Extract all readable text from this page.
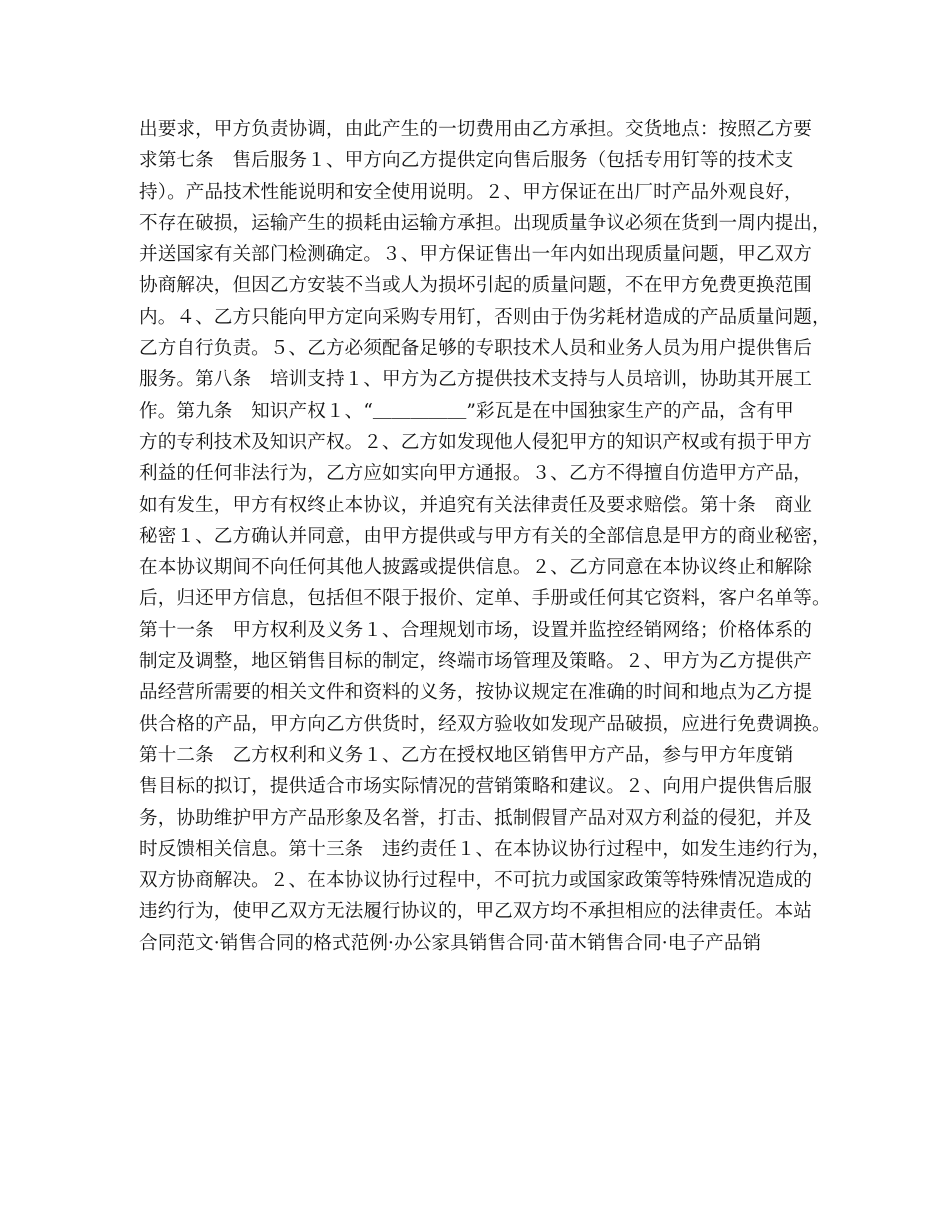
出要求，甲方负责协调，由此产生的一切费用由乙方承担。交货地点：按照乙方要
求第七条　售后服务１、甲方向乙方提供定向售后服务（包括专用钉等的技术支
持）。产品技术性能说明和安全使用说明。２、甲方保证在出厂时产品外观良好，
不存在破损，运输产生的损耗由运输方承担。出现质量争议必须在货到一周内提出，
并送国家有关部门检测确定。３、甲方保证售出一年内如出现质量问题，甲乙双方
协商解决，但因乙方安装不当或人为损坏引起的质量问题，不在甲方免费更换范围
内。４、乙方只能向甲方定向采购专用钉，否则由于伪劣耗材造成的产品质量问题，
乙方自行负责。５、乙方必须配备足够的专职技术人员和业务人员为用户提供售后
服务。第八条　培训支持１、甲方为乙方提供技术支持与人员培训，协助其开展工
作。第九条　知识产权１、“＿＿＿＿＿”彩瓦是在中国独家生产的产品，含有甲
方的专利技术及知识产权。２、乙方如发现他人侵犯甲方的知识产权或有损于甲方
利益的任何非法行为，乙方应如实向甲方通报。３、乙方不得擅自仿造甲方产品，
如有发生，甲方有权终止本协议，并追究有关法律责任及要求赔偿。第十条　商业
秘密１、乙方确认并同意，由甲方提供或与甲方有关的全部信息是甲方的商业秘密，
在本协议期间不向任何其他人披露或提供信息。２、乙方同意在本协议终止和解除
后，归还甲方信息，包括但不限于报价、定单、手册或任何其它资料，客户名单等。
第十一条　甲方权利及义务１、合理规划市场，设置并监控经销网络；价格体系的
制定及调整，地区销售目标的制定，终端市场管理及策略。２、甲方为乙方提供产
品经营所需要的相关文件和资料的义务，按协议规定在准确的时间和地点为乙方提
供合格的产品，甲方向乙方供货时，经双方验收如发现产品破损，应进行免费调换。
第十二条　乙方权利和义务１、乙方在授权地区销售甲方产品，参与甲方年度销
售目标的拟订，提供适合市场实际情况的营销策略和建议。２、向用户提供售后服
务，协助维护甲方产品形象及名誉，打击、抵制假冒产品对双方利益的侵犯，并及
时反馈相关信息。第十三条　违约责任１、在本协议协行过程中，如发生违约行为，
双方协商解决。２、在本协议协行过程中，不可抗力或国家政策等特殊情况造成的
违约行为，使甲乙双方无法履行协议的，甲乙双方均不承担相应的法律责任。本站
合同范文·销售合同的格式范例·办公家具销售合同·苗木销售合同·电子产品销
